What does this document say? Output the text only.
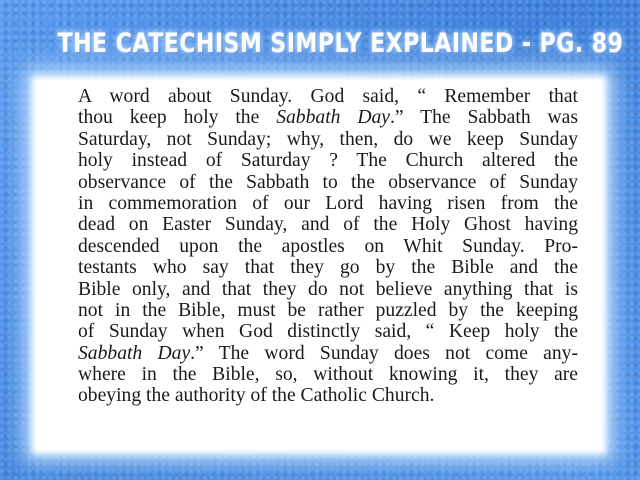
THE CATECHISM SIMPLY EXPLAINED - PG. 89
A word about Sunday. God said, “ Remember that
thou keep holy the Sabbath Day.” The Sabbath was
Saturday, not Sunday; why, then, do we keep Sunday
holy instead of Saturday ? The Church altered the
observance of the Sabbath to the observance of Sunday
in commemoration of our Lord having risen from the
dead on Easter Sunday, and of the Holy Ghost having
descended upon the apostles on Whit Sunday. Pro-
testants who say that they go by the Bible and the
Bible only, and that they do not believe anything that is
not in the Bible, must be rather puzzled by the keeping
of Sunday when God distinctly said, “ Keep holy the
Sabbath Day.” The word Sunday does not come any-
where in the Bible, so, without knowing it, they are
obeying the authority of the Catholic Church.
